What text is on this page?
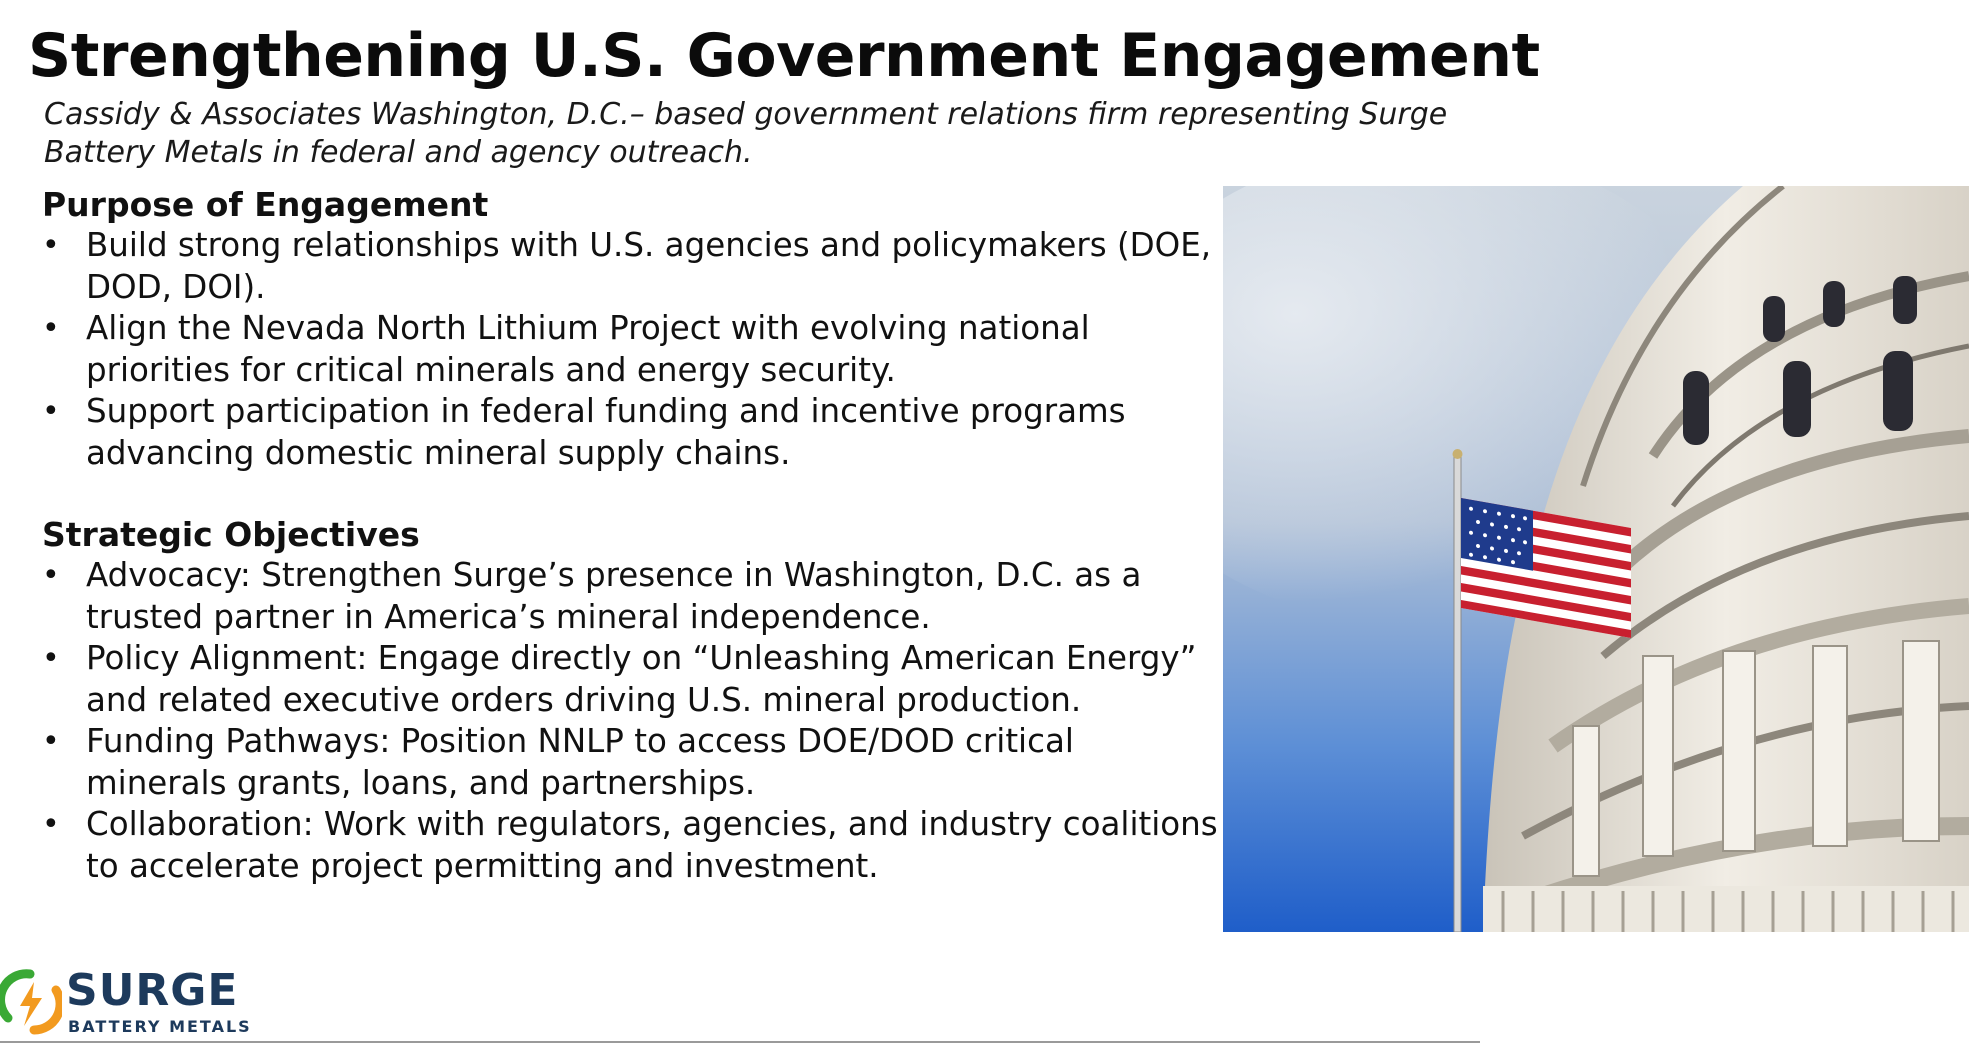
Strengthening U.S. Government Engagement
Cassidy & Associates Washington, D.C.– based government relations firm representing Surge Battery Metals in federal and agency outreach.
Purpose of Engagement
• Build strong relationships with U.S. agencies and policymakers (DOE, DOD, DOI).
• Align the Nevada North Lithium Project with evolving national priorities for critical minerals and energy security.
• Support participation in federal funding and incentive programs advancing domestic mineral supply chains.
Strategic Objectives
• Advocacy: Strengthen Surge’s presence in Washington, D.C. as a trusted partner in America’s mineral independence.
• Policy Alignment: Engage directly on “Unleashing American Energy” and related executive orders driving U.S. mineral production.
• Funding Pathways: Position NNLP to access DOE/DOD critical minerals grants, loans, and partnerships.
• Collaboration: Work with regulators, agencies, and industry coalitions to accelerate project permitting and investment.
SURGE
BATTERY METALS
